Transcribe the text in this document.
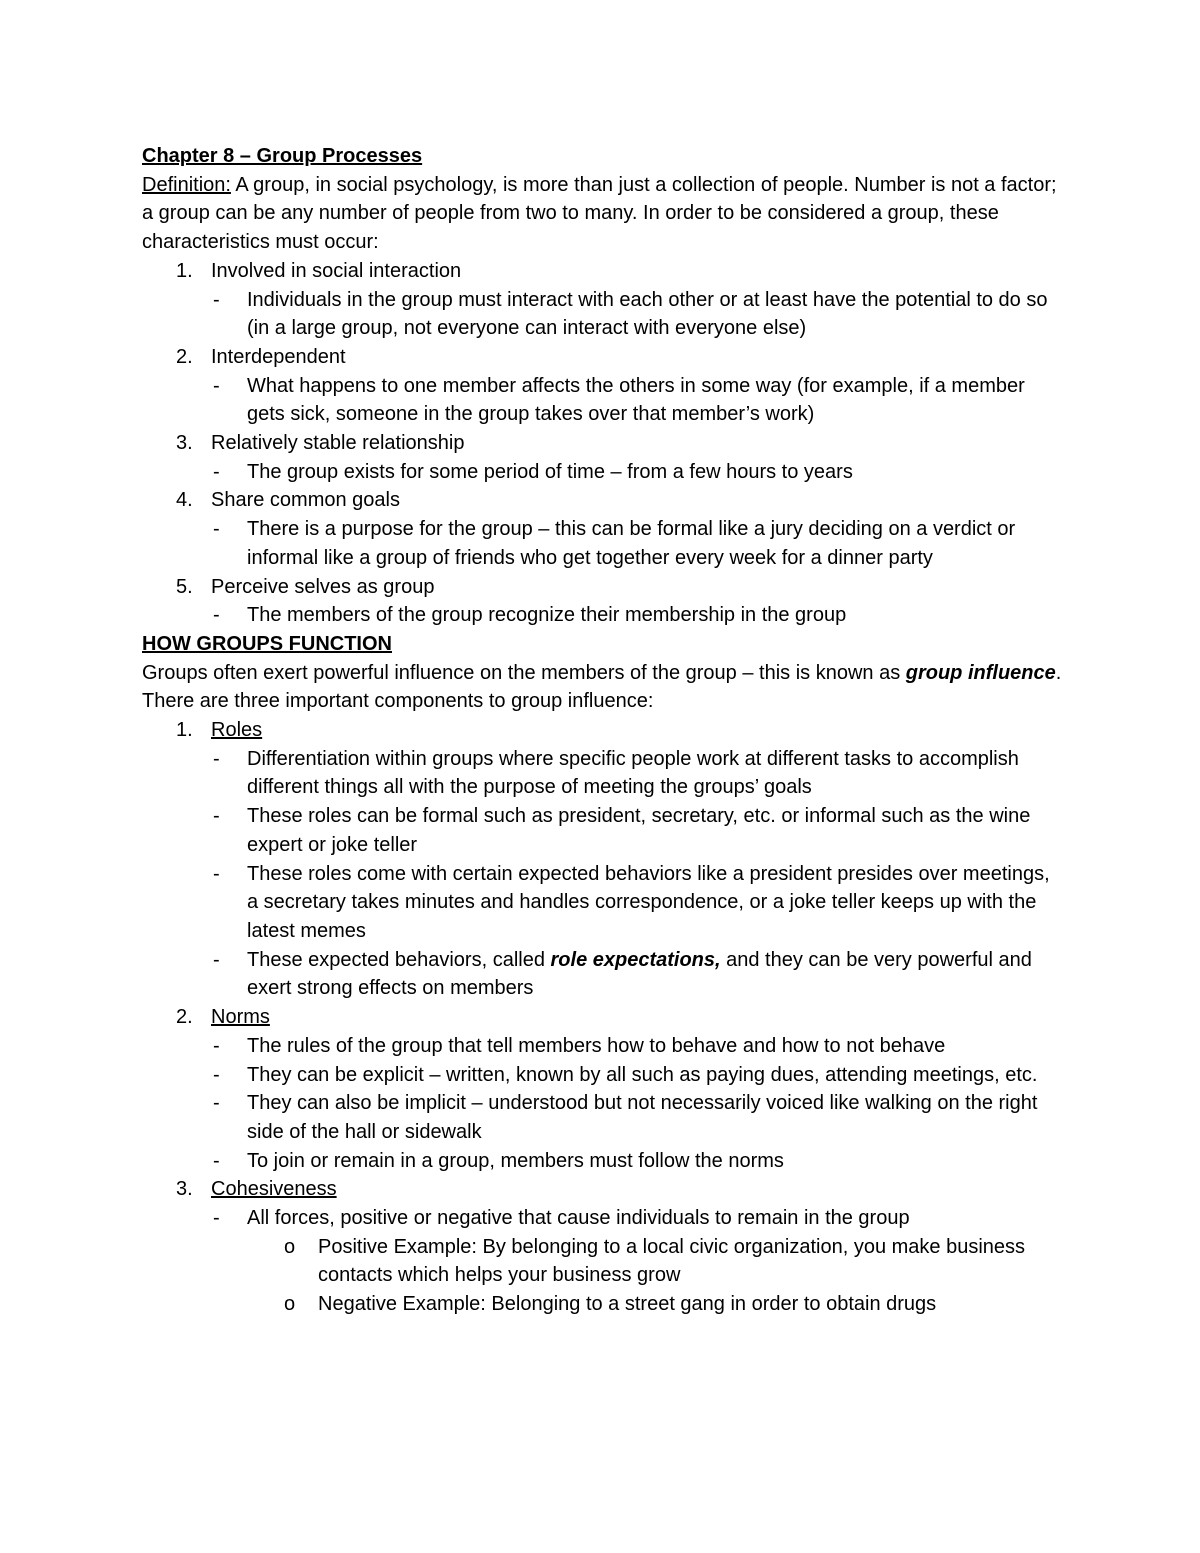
Chapter 8 – Group Processes

Definition: A group, in social psychology, is more than just a collection of people. Number is not a factor; a group can be any number of people from two to many. In order to be considered a group, these characteristics must occur:

1. Involved in social interaction
- Individuals in the group must interact with each other or at least have the potential to do so (in a large group, not everyone can interact with everyone else)
2. Interdependent
- What happens to one member affects the others in some way (for example, if a member gets sick, someone in the group takes over that member’s work)
3. Relatively stable relationship
- The group exists for some period of time – from a few hours to years
4. Share common goals
- There is a purpose for the group – this can be formal like a jury deciding on a verdict or informal like a group of friends who get together every week for a dinner party
5. Perceive selves as group
- The members of the group recognize their membership in the group

HOW GROUPS FUNCTION

Groups often exert powerful influence on the members of the group – this is known as group influence. There are three important components to group influence:

1. Roles
- Differentiation within groups where specific people work at different tasks to accomplish different things all with the purpose of meeting the groups’ goals
- These roles can be formal such as president, secretary, etc. or informal such as the wine expert or joke teller
- These roles come with certain expected behaviors like a president presides over meetings, a secretary takes minutes and handles correspondence, or a joke teller keeps up with the latest memes
- These expected behaviors, called role expectations, and they can be very powerful and exert strong effects on members
2. Norms
- The rules of the group that tell members how to behave and how to not behave
- They can be explicit – written, known by all such as paying dues, attending meetings, etc.
- They can also be implicit – understood but not necessarily voiced like walking on the right side of the hall or sidewalk
- To join or remain in a group, members must follow the norms
3. Cohesiveness
- All forces, positive or negative that cause individuals to remain in the group
o Positive Example: By belonging to a local civic organization, you make business contacts which helps your business grow
o Negative Example: Belonging to a street gang in order to obtain drugs
